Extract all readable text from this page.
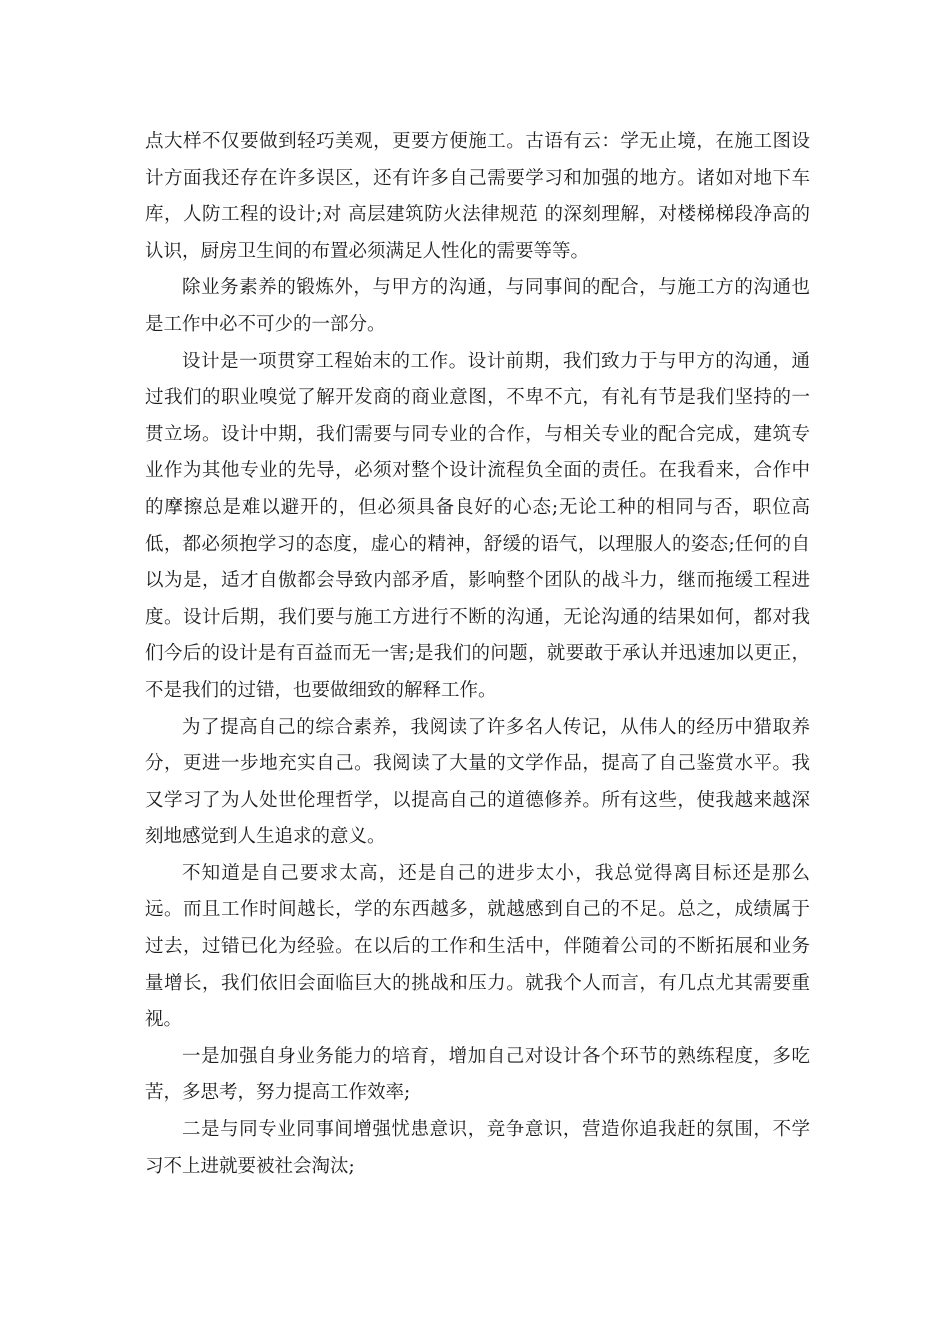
点大样不仅要做到轻巧美观，更要方便施工。古语有云：学无止境，在施工图设计方面我还存在许多误区，还有许多自己需要学习和加强的地方。诸如对地下车库，人防工程的设计;对 高层建筑防火法律规范 的深刻理解，对楼梯梯段净高的认识，厨房卫生间的布置必须满足人性化的需要等等。

除业务素养的锻炼外，与甲方的沟通，与同事间的配合，与施工方的沟通也是工作中必不可少的一部分。

设计是一项贯穿工程始末的工作。设计前期，我们致力于与甲方的沟通，通过我们的职业嗅觉了解开发商的商业意图，不卑不亢，有礼有节是我们坚持的一贯立场。设计中期，我们需要与同专业的合作，与相关专业的配合完成，建筑专业作为其他专业的先导，必须对整个设计流程负全面的责任。在我看来，合作中的摩擦总是难以避开的，但必须具备良好的心态;无论工种的相同与否，职位高低，都必须抱学习的态度，虚心的精神，舒缓的语气，以理服人的姿态;任何的自以为是，适才自傲都会导致内部矛盾，影响整个团队的战斗力，继而拖缓工程进度。设计后期，我们要与施工方进行不断的沟通，无论沟通的结果如何，都对我们今后的设计是有百益而无一害;是我们的问题，就要敢于承认并迅速加以更正，不是我们的过错，也要做细致的解释工作。

为了提高自己的综合素养，我阅读了许多名人传记，从伟人的经历中猎取养分，更进一步地充实自己。我阅读了大量的文学作品，提高了自己鉴赏水平。我又学习了为人处世伦理哲学，以提高自己的道德修养。所有这些，使我越来越深刻地感觉到人生追求的意义。

不知道是自己要求太高，还是自己的进步太小，我总觉得离目标还是那么远。而且工作时间越长，学的东西越多，就越感到自己的不足。总之，成绩属于过去，过错已化为经验。在以后的工作和生活中，伴随着公司的不断拓展和业务量增长，我们依旧会面临巨大的挑战和压力。就我个人而言，有几点尤其需要重视。

一是加强自身业务能力的培育，增加自己对设计各个环节的熟练程度，多吃苦，多思考，努力提高工作效率;

二是与同专业同事间增强忧患意识，竞争意识，营造你追我赶的氛围，不学习不上进就要被社会淘汰;
